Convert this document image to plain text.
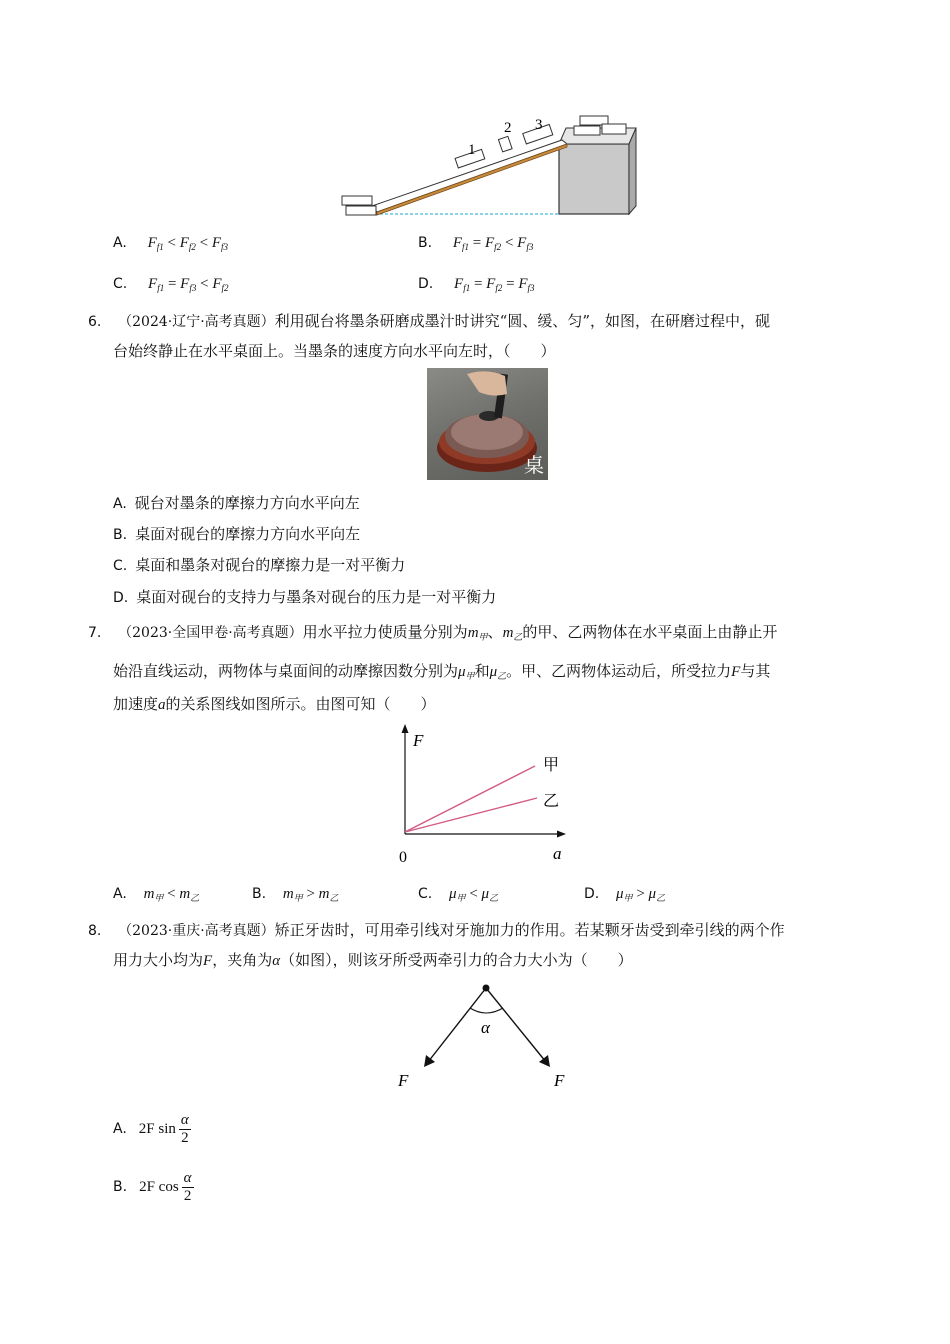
1
2 3
A. $F_{f1} < F_{f2} < F_{f3}$	B. $F_{f1} = F_{f2} < F_{f3}$
C. $F_{f1} = F_{f3} < F_{f2}$	D. $F_{f1} = F_{f2} = F_{f3}$
6. （2024·辽宁·高考真题）利用砚台将墨条研磨成墨汁时讲究“圆、缓、匀”，如图，在研磨过程中，砚
台始终静止在水平桌面上。当墨条的速度方向水平向左时，（　　）
桌
A. 砚台对墨条的摩擦力方向水平向左
B. 桌面对砚台的摩擦力方向水平向左
C. 桌面和墨条对砚台的摩擦力是一对平衡力
D. 桌面对砚台的支持力与墨条对砚台的压力是一对平衡力
7. （2023·全国甲卷·高考真题）用水平拉力使质量分别为$m_甲$、$m_乙$的甲、乙两物体在水平桌面上由静止开
始沿直线运动，两物体与桌面间的动摩擦因数分别为$\mu_甲$和$\mu_乙$。甲、乙两物体运动后，所受拉力F与其
加速度a的关系图线如图所示。由图可知（　　）
F
a
0
甲
乙
A. $m_甲 < m_乙$	B. $m_甲 > m_乙$	C. $\mu_甲 < \mu_乙$	D. $\mu_甲 > \mu_乙$
8. （2023·重庆·高考真题）矫正牙齿时，可用牵引线对牙施加力的作用。若某颗牙齿受到牵引线的两个作
用力大小均为F，夹角为α（如图），则该牙所受两牵引力的合力大小为（　　）
α
F	F
A. 2F sin
α
2
B. 2F cos
α
2
